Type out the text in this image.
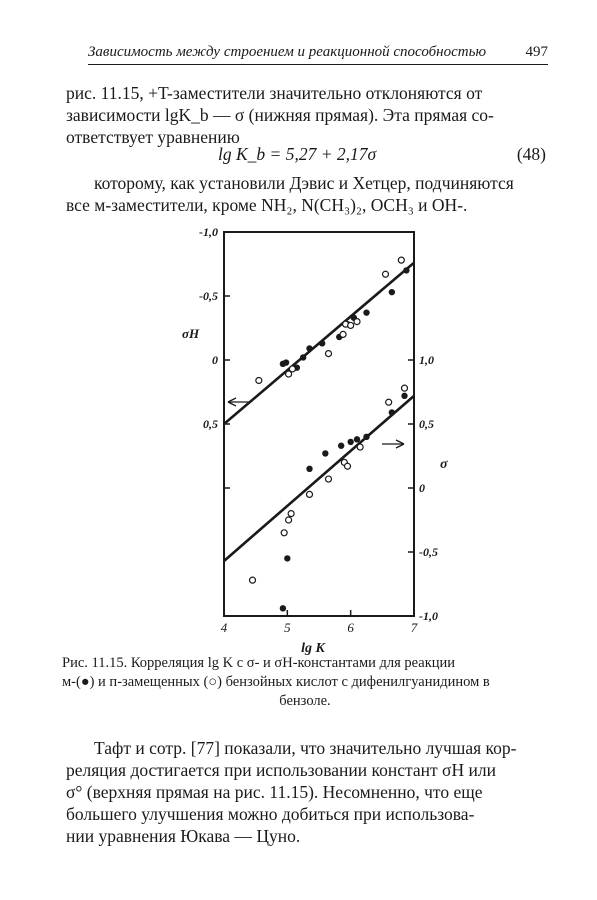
Зависимость между строением и реакционной способностью	497

рис. 11.15, +T-заместители значительно отклоняются от

зависимости lgK_b — σ (нижняя прямая). Эта прямая со-

ответствует уравнению

lg K_b = 5,27 + 2,17σ	(48)

которому, как установили Дэвис и Хетцер, подчиняются

все м-заместители, кроме NH₂, N(CH₃)₂, OCH₃ и OH-.

4	5	6	7
-1,0
-0,5
0
0,5
1,0
0,5
0
-0,5
-1,0
lg K
σH
σ
Рис. 11.15. Корреляция lg K с σ- и σH-константами для реакции
м-(●) и п-замещенных (○) бензойных кислот с дифенилгуанидином в
бензоле.

Тафт и сотр. [77] показали, что значительно лучшая кор-

реляция достигается при использовании констант σH или

σ° (верхняя прямая на рис. 11.15). Несомненно, что еще

большего улучшения можно добиться при использова-

нии уравнения Юкава — Цуно.
